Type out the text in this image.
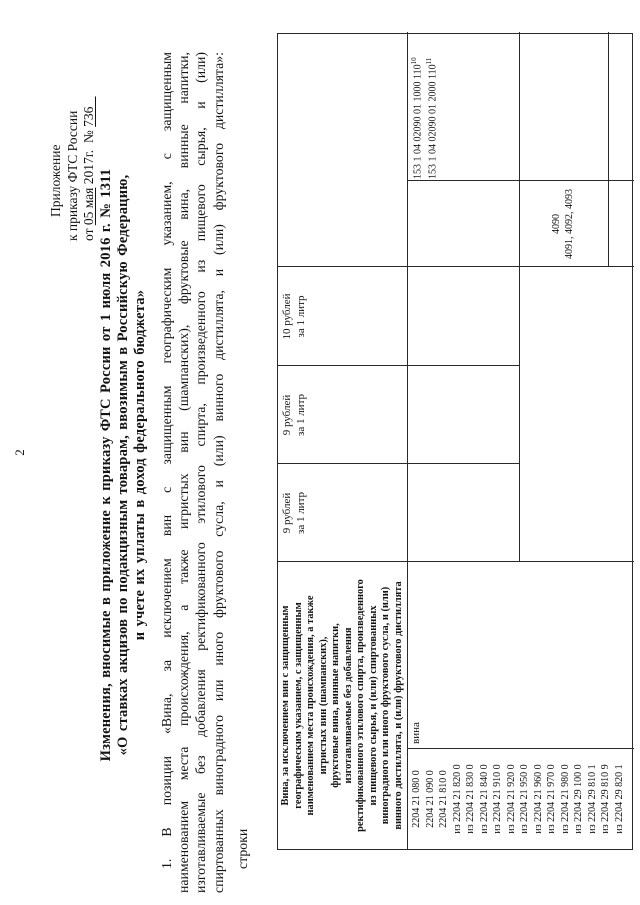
2
Приложение к приказу ФТС России от 05 мая 2017г.  № 736
Изменения, вносимые в приложение к приказу ФТС России от 1 июля 2016 г. № 1311 «О ставках акцизов по подакцизным товарам, ввозимым в Российскую Федерацию, и учете их уплаты в доход федерального бюджета» 1. В позиции «Вина, за исключением вин с защищенным географическим указанием, с защищенным наименованием места происхождения, а также игристых вин (шампанских), фруктовые вина, винные напитки, изготавливаемые без добавления ректификованного этилового спирта, произведенного из пищевого сырья, и (или) спиртованных виноградного или иного фруктового сусла, и (или) винного дистиллята, и (или) фруктового дистиллята»: строки
Вина, за исключением вин с защищенным географическим указанием, с защищенным наименованием места происхождения, а также игристых вин (шампанских), фруктовые вина, винные напитки, изготавливаемые без добавления ректификованного этилового спирта, произведенного из пищевого сырья, и (или) спиртованных виноградного или иного фруктового сусла, и (или) винного дистиллята, и (или) фруктового дистиллята
9 рублей за 1 литр
9 рублей за 1 литр
10 рублей за 1 литр
2204 21 080 0 2204 21 090 0 2204 21 810 0 из 2204 21 820 0 из 2204 21 830 0 из 2204 21 840 0 из 2204 21 910 0 из 2204 21 920 0 из 2204 21 950 0 из 2204 21 960 0 из 2204 21 970 0 из 2204 21 980 0 из 2204 29 100 0 из 2204 29 810 1 из 2204 29 810 9 из 2204 29 820 1
вина
153 1 04 02090 01 1000 $110^{10}$
153 1 04 02090 01 2000 $110^{11}$
4090 4091, 4092, 4093
